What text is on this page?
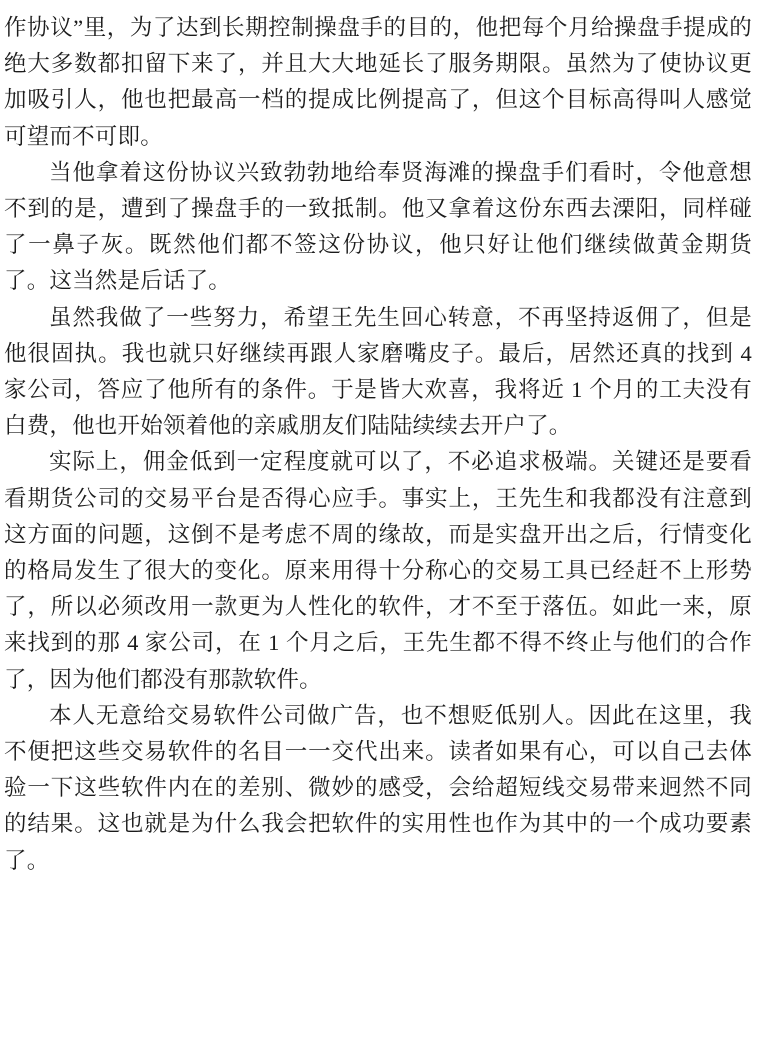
作协议”里，为了达到长期控制操盘手的目的，他把每个月给操盘手提成的绝大多数都扣留下来了，并且大大地延长了服务期限。虽然为了使协议更加吸引人，他也把最高一档的提成比例提高了，但这个目标高得叫人感觉可望而不可即。

当他拿着这份协议兴致勃勃地给奉贤海滩的操盘手们看时，令他意想不到的是，遭到了操盘手的一致抵制。他又拿着这份东西去溧阳，同样碰了一鼻子灰。既然他们都不签这份协议，他只好让他们继续做黄金期货了。这当然是后话了。

虽然我做了一些努力，希望王先生回心转意，不再坚持返佣了，但是他很固执。我也就只好继续再跟人家磨嘴皮子。最后，居然还真的找到 4 家公司，答应了他所有的条件。于是皆大欢喜，我将近 1 个月的工夫没有白费，他也开始领着他的亲戚朋友们陆陆续续去开户了。

实际上，佣金低到一定程度就可以了，不必追求极端。关键还是要看看期货公司的交易平台是否得心应手。事实上，王先生和我都没有注意到这方面的问题，这倒不是考虑不周的缘故，而是实盘开出之后，行情变化的格局发生了很大的变化。原来用得十分称心的交易工具已经赶不上形势了，所以必须改用一款更为人性化的软件，才不至于落伍。如此一来，原来找到的那 4 家公司，在 1 个月之后，王先生都不得不终止与他们的合作了，因为他们都没有那款软件。

本人无意给交易软件公司做广告，也不想贬低别人。因此在这里，我不便把这些交易软件的名目一一交代出来。读者如果有心，可以自己去体验一下这些软件内在的差别、微妙的感受，会给超短线交易带来迥然不同的结果。这也就是为什么我会把软件的实用性也作为其中的一个成功要素了。
